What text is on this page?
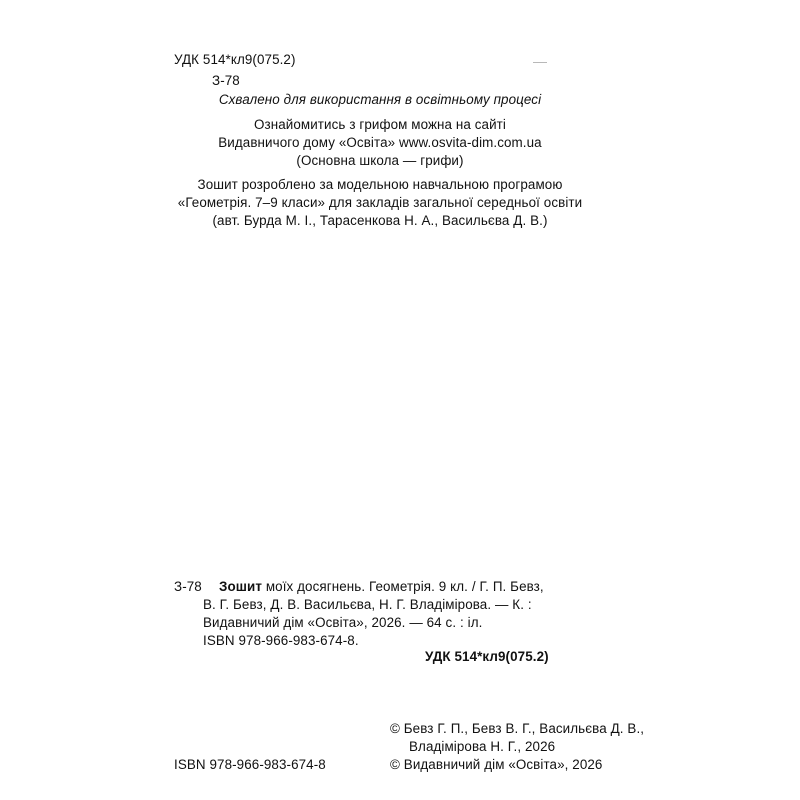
УДК 514*кл9(075.2)
З-78
Схвалено для використання в освітньому процесі
Ознайомитись з грифом можна на сайті
Видавничого дому «Освіта» www.osvita-dim.com.ua
(Основна школа — грифи)
Зошит розроблено за модельною навчальною програмою
«Геометрія. 7–9 класи» для закладів загальної середньої освіти
(авт. Бурда М. І., Тарасенкова Н. А., Васильєва Д. В.)
З-78 Зошит моїх досягнень. Геометрія. 9 кл. / Г. П. Бевз,
В. Г. Бевз, Д. В. Васильєва, Н. Г. Владімірова. — К. :
Видавничий дім «Освіта», 2026. — 64 с. : іл.
ISBN 978-966-983-674-8.
УДК 514*кл9(075.2)
© Бевз Г. П., Бевз В. Г., Васильєва Д. В.,
Владімірова Н. Г., 2026
ISBN 978-966-983-674-8	© Видавничий дім «Освіта», 2026
